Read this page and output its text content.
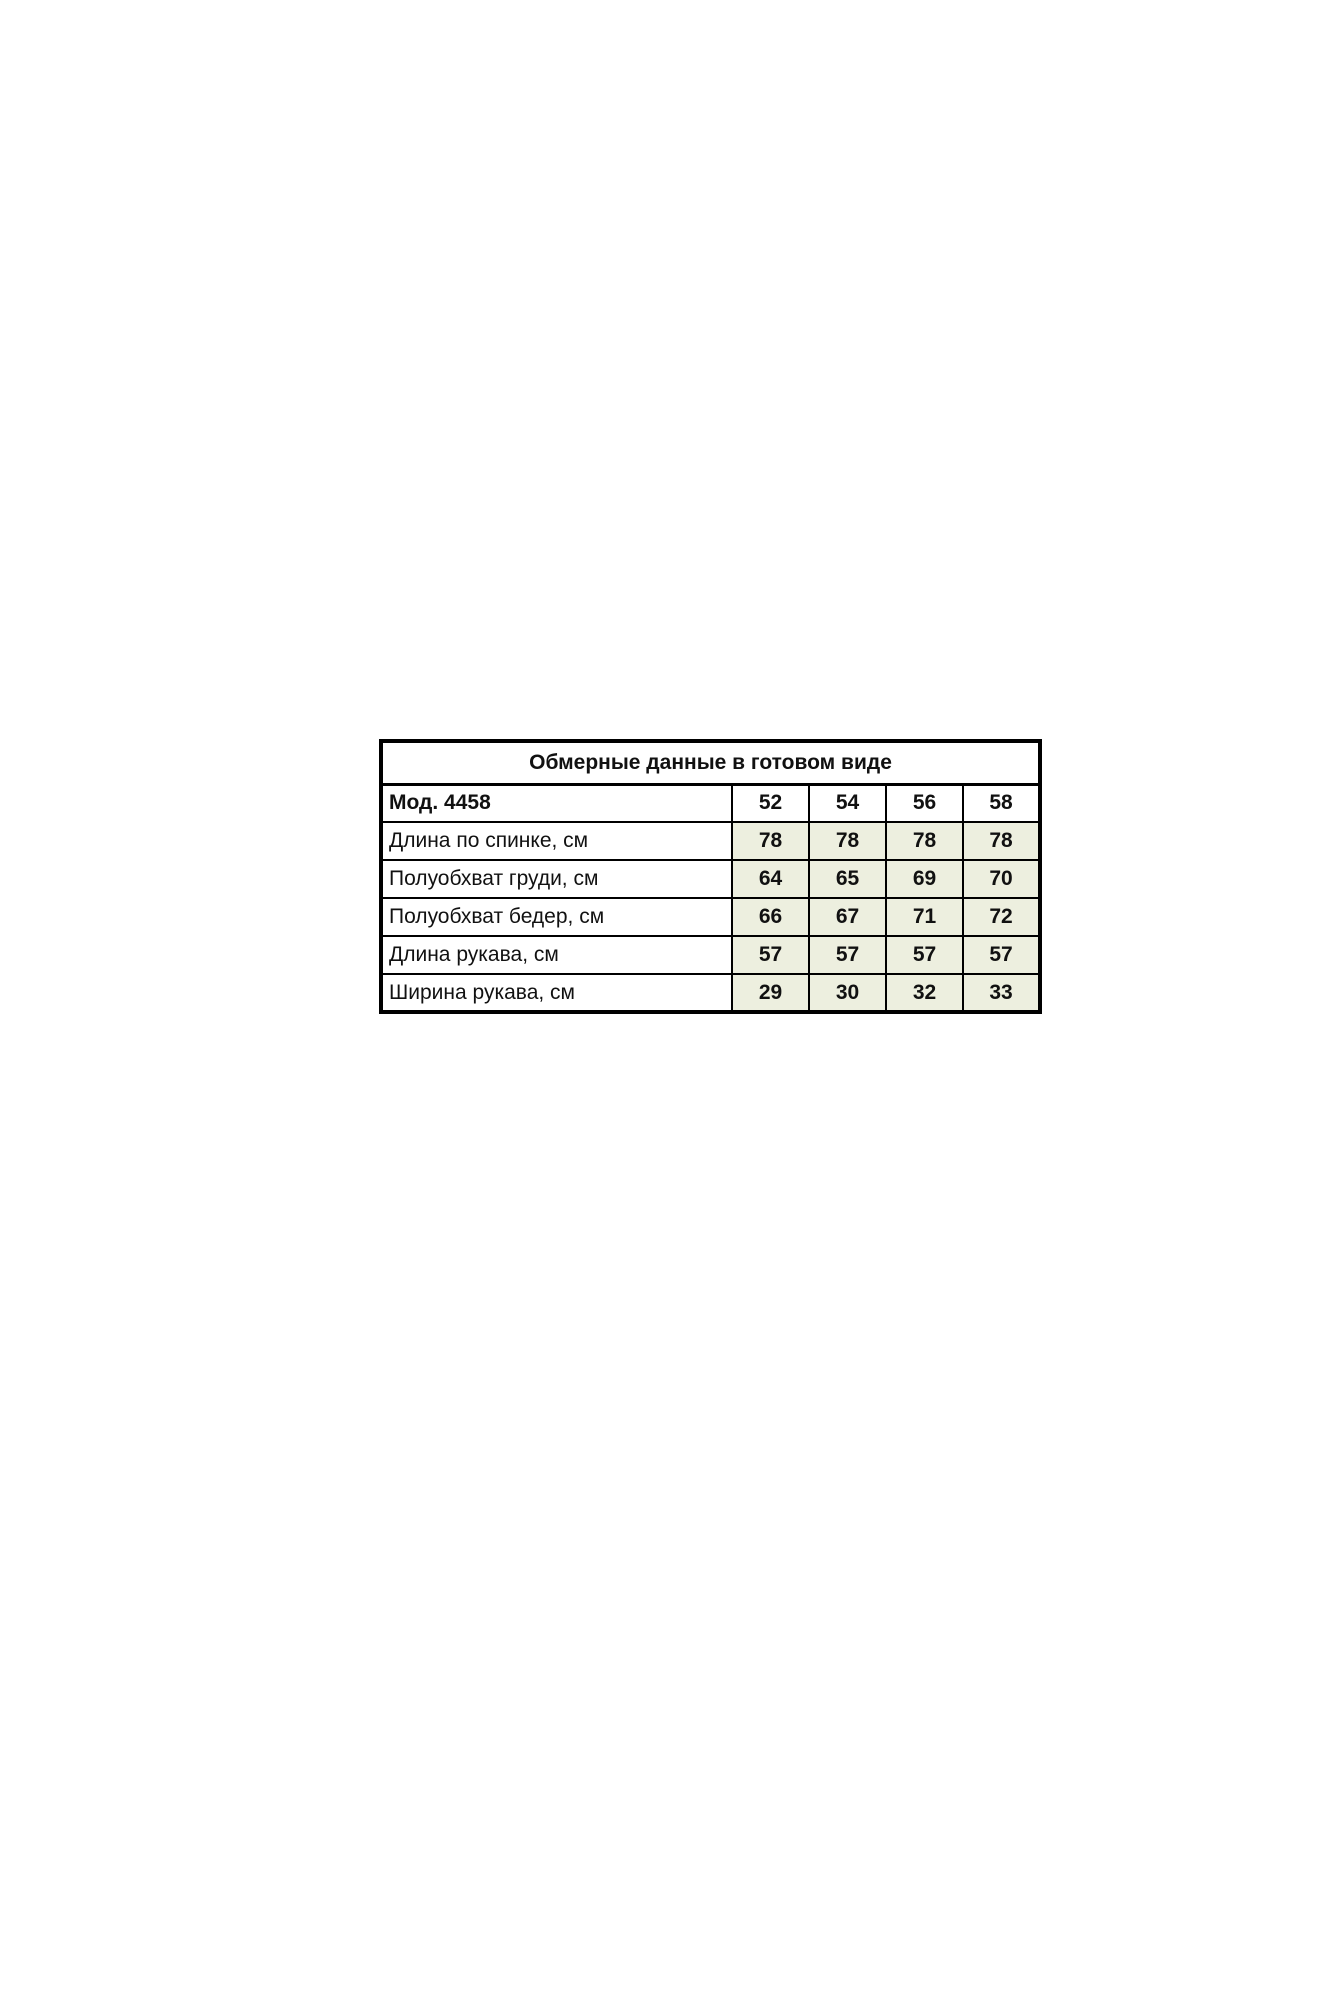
Обмерные данные в готовом виде				
Мод. 4458	52	54	56	58
Длина по спинке, см	78	78	78	78
Полуобхват груди, см	64	65	69	70
Полуобхват бедер, см	66	67	71	72
Длина рукава, см	57	57	57	57
Ширина рукава, см	29	30	32	33
